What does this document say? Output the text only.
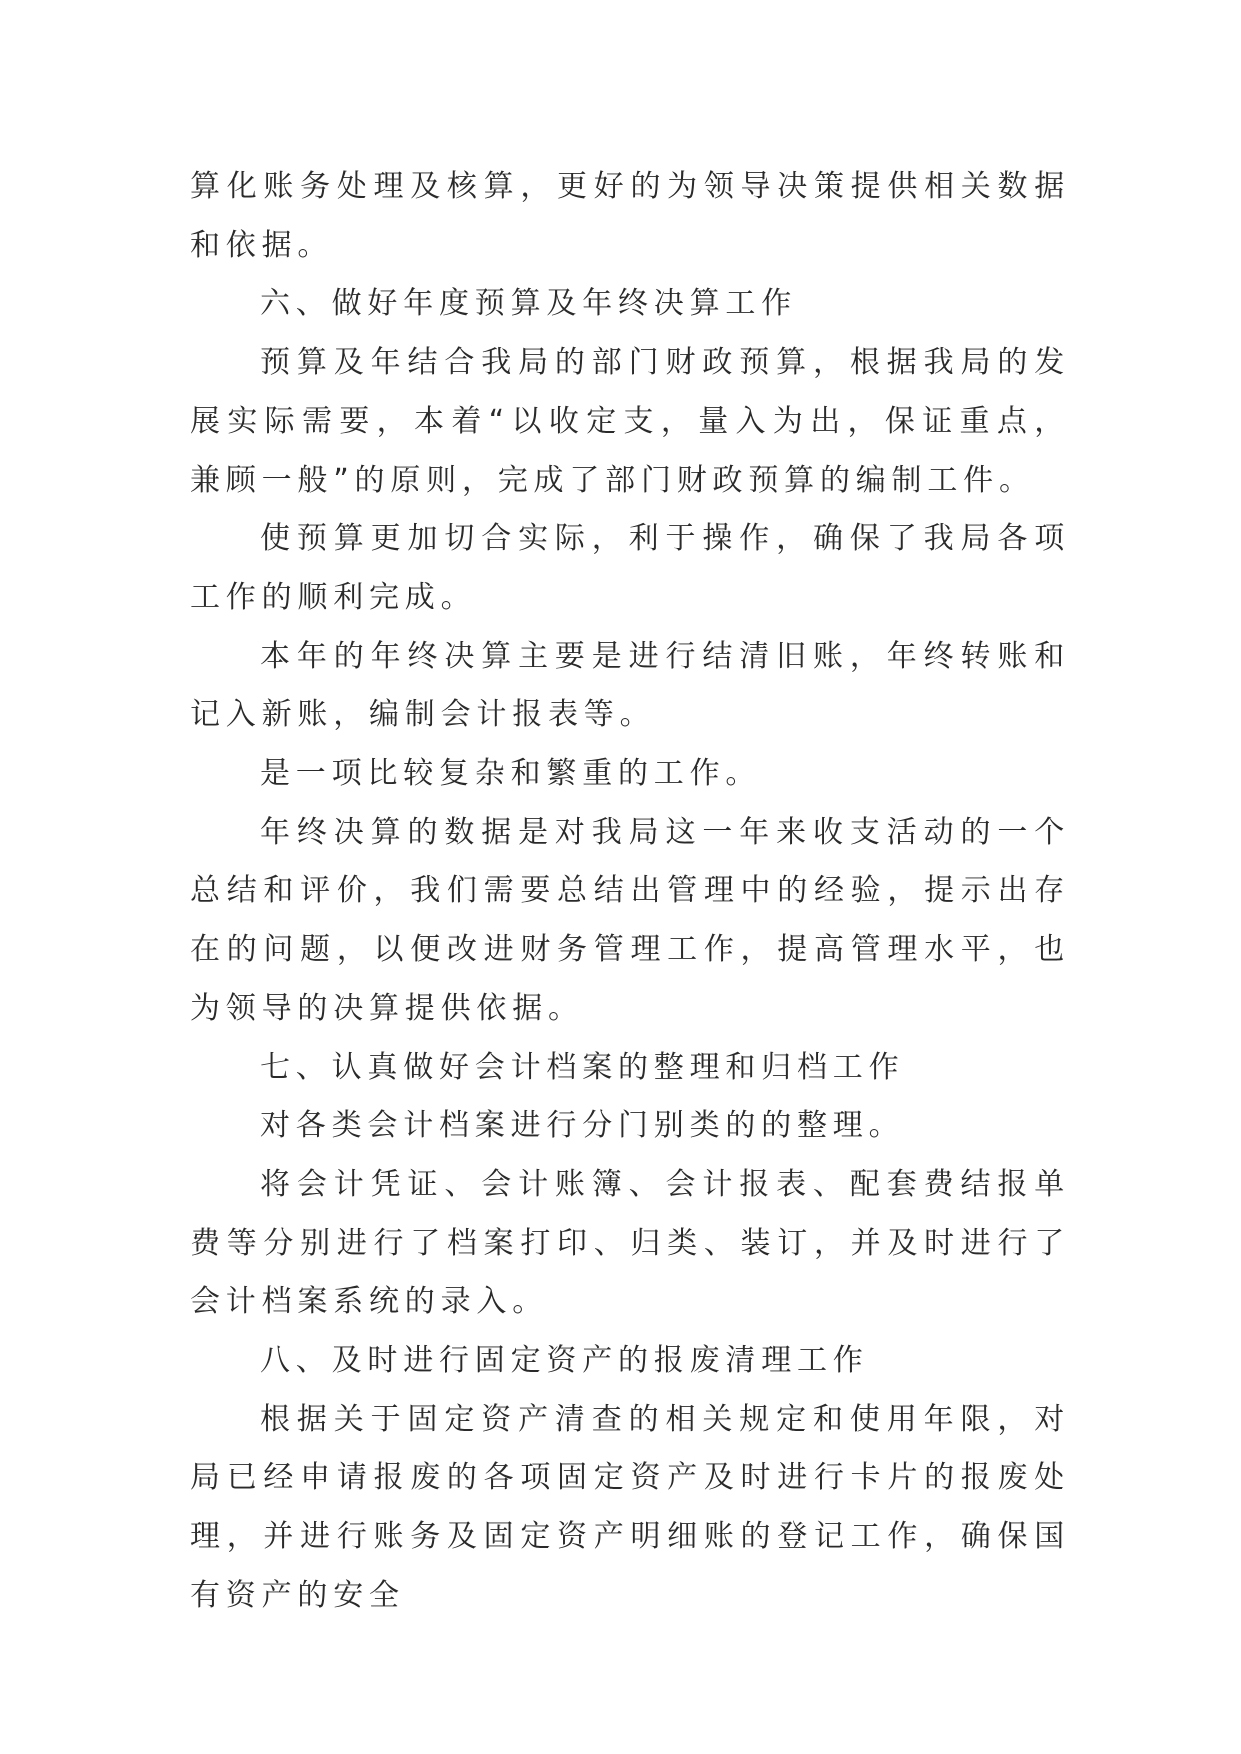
算化账务处理及核算，更好的为领导决策提供相关数据和依据。

六、做好年度预算及年终决算工作

预算及年结合我局的部门财政预算，根据我局的发展实际需要，本着“以收定支，量入为出，保证重点，兼顾一般”的原则，完成了部门财政预算的编制工件。

使预算更加切合实际，利于操作，确保了我局各项工作的顺利完成。

本年的年终决算主要是进行结清旧账，年终转账和记入新账，编制会计报表等。

是一项比较复杂和繁重的工作。

年终决算的数据是对我局这一年来收支活动的一个总结和评价，我们需要总结出管理中的经验，提示出存在的问题，以便改进财务管理工作，提高管理水平，也为领导的决算提供依据。

七、认真做好会计档案的整理和归档工作

对各类会计档案进行分门别类的的整理。

将会计凭证、会计账簿、会计报表、配套费结报单费等分别进行了档案打印、归类、装订，并及时进行了会计档案系统的录入。

八、及时进行固定资产的报废清理工作

根据关于固定资产清查的相关规定和使用年限，对局已经申请报废的各项固定资产及时进行卡片的报废处理，并进行账务及固定资产明细账的登记工作，确保国有资产的安全
